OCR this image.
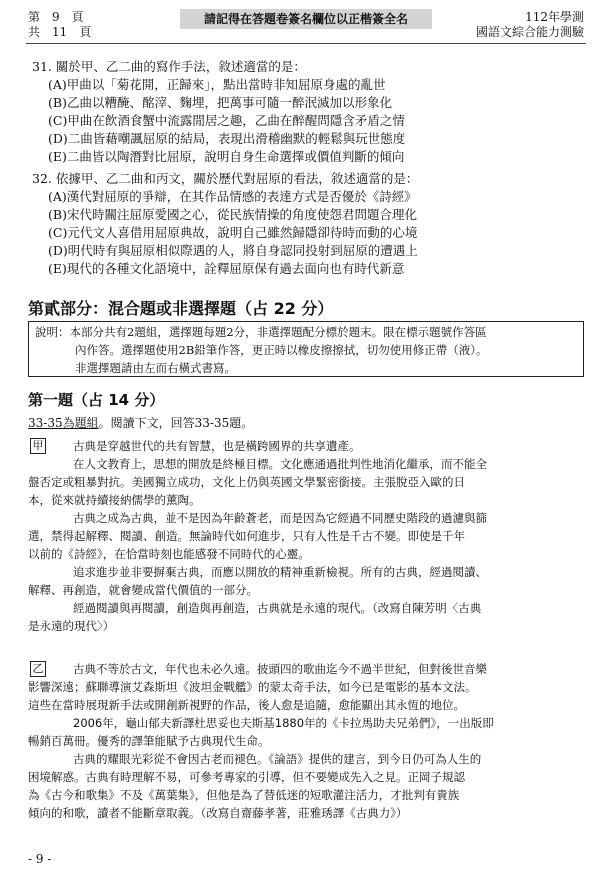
第　9　頁
共　11　頁
請記得在答題卷簽名欄位以正楷簽全名	112年學測
國語文綜合能力測驗
31. 關於甲、乙二曲的寫作手法，敘述適當的是：
(A)甲曲以「菊花開，正歸來」，點出當時非知屈原身處的亂世
(B)乙曲以糟醃、酩滓、麴埋，把萬事可隨一醉泯滅加以形象化
(C)甲曲在飲酒食蟹中流露閒居之趣，乙曲在醉醒問隱含矛盾之情
(D)二曲皆藉嘲諷屈原的結局，表現出滑稽幽默的輕鬆與玩世態度
(E)二曲皆以陶潛對比屈原，說明自身生命選擇或價值判斷的傾向
32. 依據甲、乙二曲和丙文，關於歷代對屈原的看法，敘述適當的是：
(A)漢代對屈原的爭辯，在其作品情感的表達方式是否優於《詩經》
(B)宋代時關注屈原愛國之心，從民族情操的角度使怨君問題合理化
(C)元代文人喜借用屈原典故，說明自己雖然歸隱卻待時而動的心境
(D)明代時有與屈原相似際遇的人，將自身認同投射到屈原的遭遇上
(E)現代的各種文化語境中，詮釋屈原保有過去面向也有時代新意
第貳部分：混合題或非選擇題（占 22 分）
說明：本部分共有2題組，選擇題每題2分，非選擇題配分標於題末。限在標示題號作答區
內作答。選擇題使用2B鉛筆作答，更正時以橡皮擦擦拭，切勿使用修正帶（液）。
非選擇題請由左而右橫式書寫。
第一題（占 14 分）
33-35為題組。閱讀下文，回答33-35題。
甲 　　古典是穿越世代的共有智慧，也是橫跨國界的共享遺產。

　　在人文教育上，思想的開放是終極目標。文化應通過批判性地消化繼承，而不能全

盤否定或粗暴對抗。美國獨立成功，文化上仍與英國文學緊密銜接。主張脫亞入歐的日

本，從來就持續接納儒學的薰陶。

　　古典之成為古典，並不是因為年齡蒼老，而是因為它經過不同歷史階段的過濾與篩

選，禁得起解釋、閱讀、創造。無論時代如何進步，只有人性是千古不變。即使是千年

以前的《詩經》，在恰當時刻也能感發不同時代的心靈。

　　追求進步並非要摒棄古典，而應以開放的精神重新檢視。所有的古典，經過閱讀、

解釋、再創造，就會變成當代價值的一部分。

　　經過閱讀與再閱讀，創造與再創造，古典就是永遠的現代。（改寫自陳芳明〈古典

是永遠的現代〉）

乙 　　古典不等於古文，年代也未必久遠。披頭四的歌曲迄今不過半世紀，但對後世音樂

影響深遠；蘇聯導演艾森斯坦《波坦金戰艦》的蒙太奇手法，如今已是電影的基本文法。

這些在當時展現新手法或開創新視野的作品，後人愈是追隨，愈能顯出其永恆的地位。

　　2006年，龜山郁夫新譯杜思妥也夫斯基1880年的《卡拉馬助夫兄弟們》，一出版即

暢銷百萬冊。優秀的譯筆能賦予古典現代生命。

　　古典的耀眼光彩從不會因古老而褪色。《論語》提供的建言，到今日仍可為人生的

困境解惑。古典有時理解不易，可參考專家的引導，但不要變成先入之見。正岡子規認

為《古今和歌集》不及《萬葉集》，但他是為了替低迷的短歌灌注活力，才批判有貴族

傾向的和歌，讀者不能斷章取義。（改寫自齋藤孝著，莊雅琇譯《古典力》）

- 9 -
